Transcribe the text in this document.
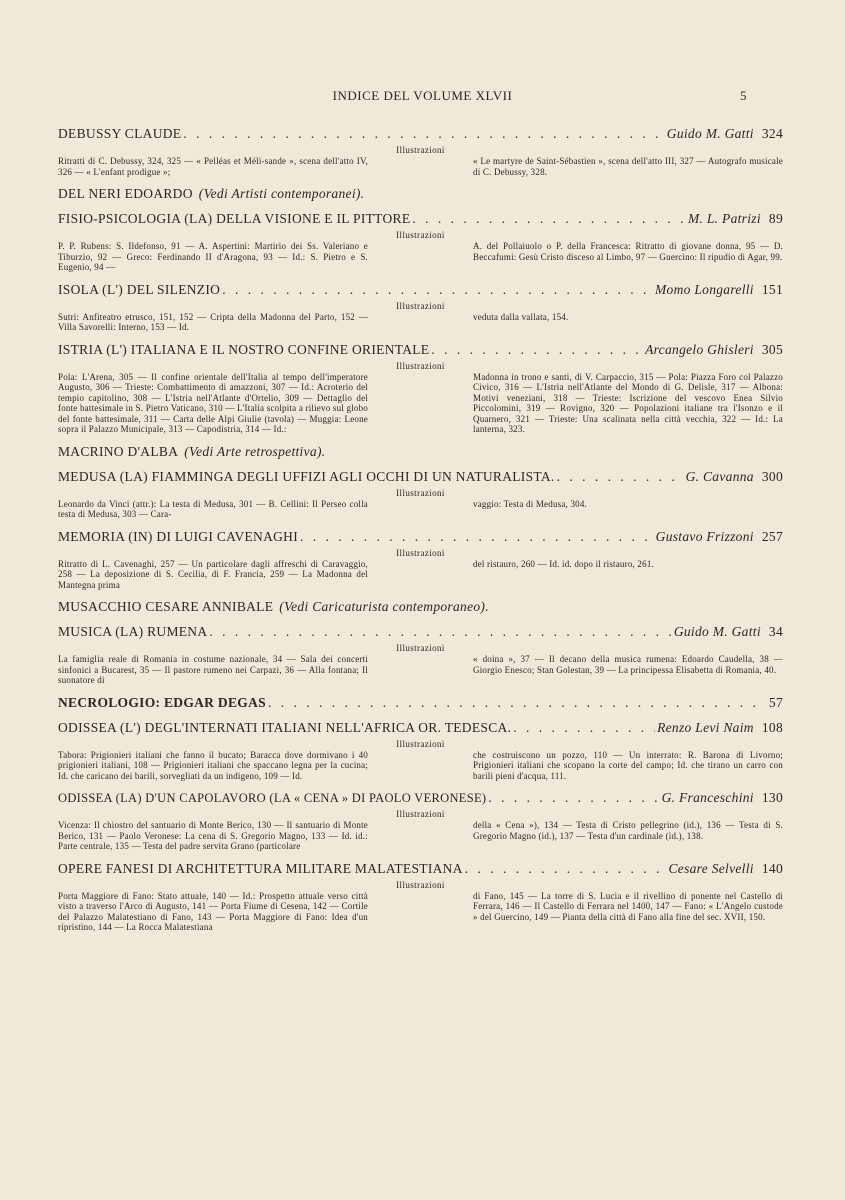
INDICE DEL VOLUME XLVII	5
DEBUSSY CLAUDE . . .	Guido M. Gatti 324
Illustrazioni
Ritratti di C. Debussy, 324, 325 — « Pelléas et Méli-sande », scena dell'atto IV, 326 — « L'enfant prodigue »;
« Le martyre de Saint-Sébastien », scena dell'atto III, 327 — Autografo musicale di C. Debussy, 328.
DEL NERI EDOARDO (Vedi Artisti contemporanei).
FISIO-PSICOLOGIA (LA) DELLA VISIONE E IL PITTORE . . .	M. L. Patrizi 89
Illustrazioni
P. P. Rubens: S. Ildefonso, 91 — A. Aspertini: Martirio dei Ss. Valeriano e Tiburzio, 92 — Greco: Ferdinando II d'Aragona, 93 — Id.: S. Pietro e S. Eugenio, 94 —
A. del Pollaiuolo o P. della Francesca: Ritratto di giovane donna, 95 — D. Beccafumi: Gesù Cristo disceso al Limbo, 97 — Guercino: Il ripudio di Agar, 99.
ISOLA (L') DEL SILENZIO . . .	Momo Longarelli 151
Illustrazioni
Sutri: Anfiteatro etrusco, 151, 152 — Cripta della Madonna del Parto, 152 — Villa Savorelli: Interno, 153 — Id.
veduta dalla vallata, 154.
ISTRIA (L') ITALIANA E IL NOSTRO CONFINE ORIENTALE . . .	Arcangelo Ghisleri 305
Illustrazioni
Pola: L'Arena, 305 — Il confine orientale dell'Italia al tempo dell'imperatore Augusto, 306 — Trieste: Combattimento di amazzoni, 307 — Id.: Acroterio del tempio capitolino, 308 — L'Istria nell'Atlante d'Ortelio, 309 — Dettaglio del fonte battesimale in S. Pietro Vaticano, 310 — L'Italia scolpita a rilievo sul globo del fonte battesimale, 311 — Carta delle Alpi Giulie (tavola) — Muggia: Leone sopra il Palazzo Municipale, 313 — Capodistria, 314 — Id.:
Madonna in trono e santi, di V. Carpaccio, 315 — Pola: Piazza Foro col Palazzo Civico, 316 — L'Istria nell'Atlante del Mondo di G. Delisle, 317 — Albona: Motivi veneziani, 318 — Trieste: Iscrizione del vescovo Enea Silvio Piccolomini, 319 — Rovigno, 320 — Popolazioni italiane tra l'Isonzo e il Quarnero, 321 — Trieste: Una scalinata nella città vecchia, 322 — Id.: La lanterna, 323.
MACRINO D'ALBA (Vedi Arte retrospettiva).
MEDUSA (LA) FIAMMINGA DEGLI UFFIZI AGLI OCCHI DI UN NATURALISTA. . . .	G. Cavanna 300
Illustrazioni
Leonardo da Vinci (attr.): La testa di Medusa, 301 — B. Cellini: Il Perseo colla testa di Medusa, 303 — Cara-
vaggio: Testa di Medusa, 304.
MEMORIA (IN) DI LUIGI CAVENAGHI . . .	Gustavo Frizzoni 257
Illustrazioni
Ritratto di L. Cavenaghi, 257 — Un particolare dagli affreschi di Caravaggio, 258 — La deposizione di S. Cecilia, di F. Francia, 259 — La Madonna del Mantegna prima
del ristauro, 260 — Id. id. dopo il ristauro, 261.
MUSACCHIO CESARE ANNIBALE (Vedi Caricaturista contemporaneo).
MUSICA (LA) RUMENA . . .	Guido M. Gatti 34
Illustrazioni
La famiglia reale di Romania in costume nazionale, 34 — Sala dei concerti sinfonici a Bucarest, 35 — Il pastore rumeno nei Carpazi, 36 — Alla fontana; Il suonatore di
« doina », 37 — Il decano della musica rumena: Edoardo Caudella, 38 — Giorgio Enesco; Stan Golestan, 39 — La principessa Elisabetta di Romania, 40.
NECROLOGIO: EDGAR DEGAS . . .	57
ODISSEA (L') DEGL'INTERNATI ITALIANI NELL'AFRICA OR. TEDESCA. . . .	Renzo Levi Naim 108
Illustrazioni
Tabora: Prigionieri italiani che fanno il bucato; Baracca dove dormivano i 40 prigionieri italiani, 108 — Prigionieri italiani che spaccano legna per la cucina; Id. che caricano dei barili, sorvegliati da un indigeno, 109 — Id.
che costruiscono un pozzo, 110 — Un interrato: R. Barona di Livorno; Prigionieri italiani che scopano la corte del campo; Id. che tirano un carro con barili pieni d'acqua, 111.
ODISSEA (LA) D'UN CAPOLAVORO (LA « CENA » DI PAOLO VERONESE) . . .	G. Franceschini 130
Illustrazioni
Vicenza: Il chiostro del santuario di Monte Berico, 130 — Il santuario di Monte Berico, 131 — Paolo Veronese: La cena di S. Gregorio Magno, 133 — Id. id.: Parte centrale, 135 — Testa del padre servita Grano (particolare
della « Cena »), 134 — Testa di Cristo pellegrino (id.), 136 — Testa di S. Gregorio Magno (id.), 137 — Testa d'un cardinale (id.), 138.
OPERE FANESI DI ARCHITETTURA MILITARE MALATESTIANA . . .	Cesare Selvelli 140
Illustrazioni
Porta Maggiore di Fano: Stato attuale, 140 — Id.: Prospetto attuale verso città visto a traverso l'Arco di Augusto, 141 — Porta Fiume di Cesena, 142 — Cortile del Palazzo Malatestiano di Fano, 143 — Porta Maggiore di Fano: Idea d'un ripristino, 144 — La Rocca Malatestiana
di Fano, 145 — La torre di S. Lucia e il rivellino di ponente nel Castello di Ferrara, 146 — Il Castello di Ferrara nel 1400, 147 — Fano: « L'Angelo custode » del Guercino, 149 — Pianta della città di Fano alla fine del sec. XVII, 150.
